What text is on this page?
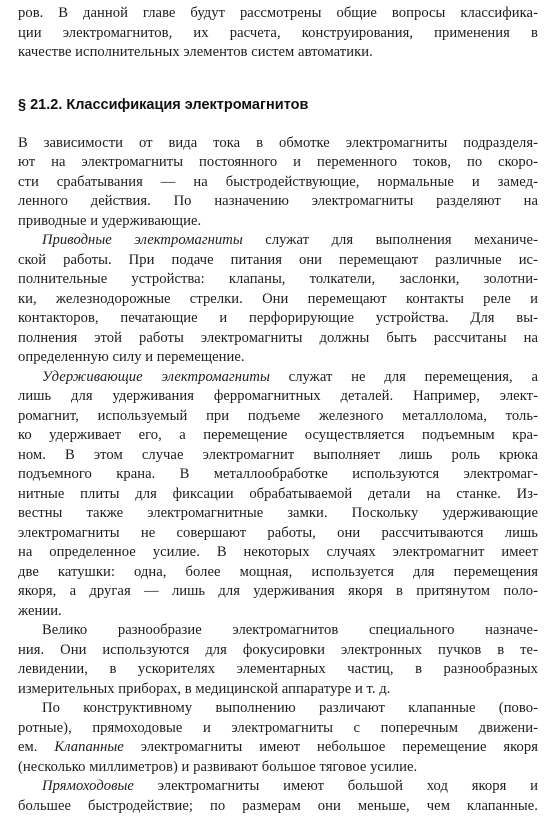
ров. В данной главе будут рассмотрены общие вопросы классифика-
ции электромагнитов, их расчета, конструирования, применения в
качестве исполнительных элементов систем автоматики.
§ 21.2. Классификация электромагнитов
В зависимости от вида тока в обмотке электромагниты подразделя-
ют на электромагниты постоянного и переменного токов, по скоро-
сти срабатывания — на быстродействующие, нормальные и замед-
ленного действия. По назначению электромагниты разделяют на
приводные и удерживающие.
Приводные электромагниты служат для выполнения механиче-
ской работы. При подаче питания они перемещают различные ис-
полнительные устройства: клапаны, толкатели, заслонки, золотни-
ки, железнодорожные стрелки. Они перемещают контакты реле и
контакторов, печатающие и перфорирующие устройства. Для вы-
полнения этой работы электромагниты должны быть рассчитаны на
определенную силу и перемещение.
Удерживающие электромагниты служат не для перемещения, а
лишь для удерживания ферромагнитных деталей. Например, элект-
ромагнит, используемый при подъеме железного металлолома, толь-
ко удерживает его, а перемещение осуществляется подъемным кра-
ном. В этом случае электромагнит выполняет лишь роль крюка
подъемного крана. В металлообработке используются электромаг-
нитные плиты для фиксации обрабатываемой детали на станке. Из-
вестны также электромагнитные замки. Поскольку удерживающие
электромагниты не совершают работы, они рассчитываются лишь
на определенное усилие. В некоторых случаях электромагнит имеет
две катушки: одна, более мощная, используется для перемещения
якоря, а другая — лишь для удерживания якоря в притянутом поло-
жении.
Велико разнообразие электромагнитов специального назначе-
ния. Они используются для фокусировки электронных пучков в те-
левидении, в ускорителях элементарных частиц, в разнообразных
измерительных приборах, в медицинской аппаратуре и т. д.
По конструктивному выполнению различают клапанные (пово-
ротные), прямоходовые и электромагниты с поперечным движени-
ем. Клапанные электромагниты имеют небольшое перемещение якоря
(несколько миллиметров) и развивают большое тяговое усилие.
Прямоходовые электромагниты имеют большой ход якоря и
большее быстродействие; по размерам они меньше, чем клапанные.
